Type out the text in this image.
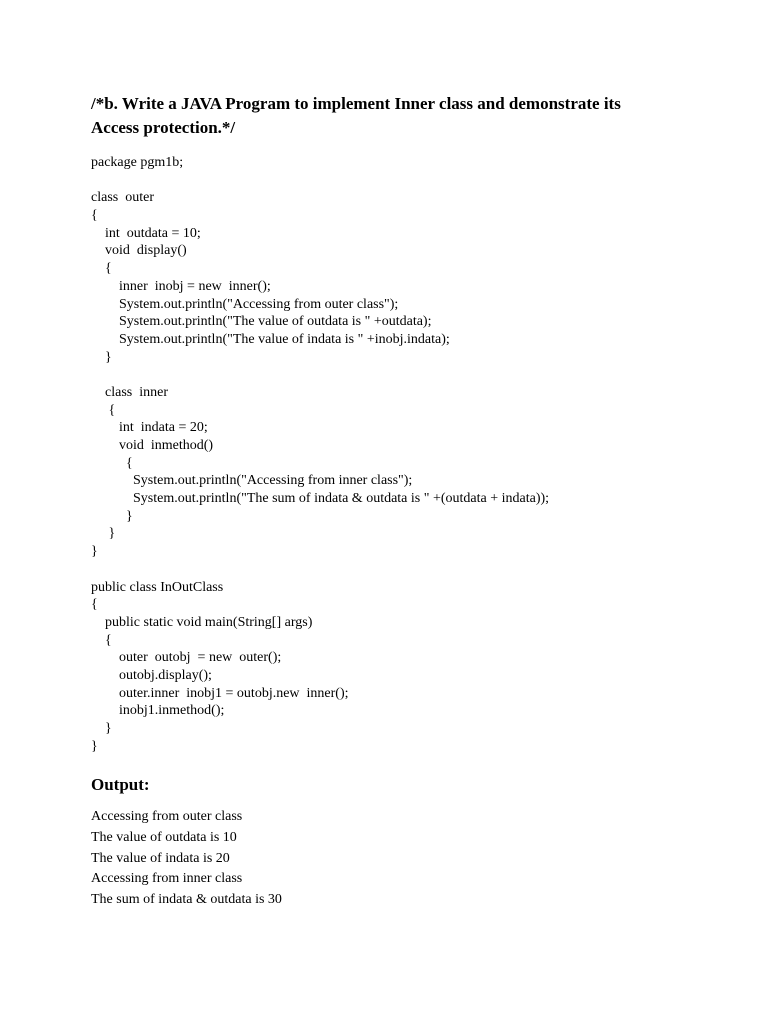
/*b. Write a JAVA Program to implement Inner class and demonstrate its
Access protection.*/

package pgm1b;

class  outer
{
int  outdata = 10;
void  display()
{
inner  inobj = new  inner();
System.out.println("Accessing from outer class");
System.out.println("The value of outdata is " +outdata);
System.out.println("The value of indata is " +inobj.indata);
}

class  inner
{
int  indata = 20;
void  inmethod()
{
System.out.println("Accessing from inner class");
System.out.println("The sum of indata & outdata is " +(outdata + indata));
}
}
}

public class InOutClass
{
public static void main(String[] args)
{
outer  outobj  = new  outer();
outobj.display();
outer.inner  inobj1 = outobj.new  inner();
inobj1.inmethod();
}
}
Output:
Accessing from outer class
The value of outdata is 10
The value of indata is 20
Accessing from inner class
The sum of indata & outdata is 30
